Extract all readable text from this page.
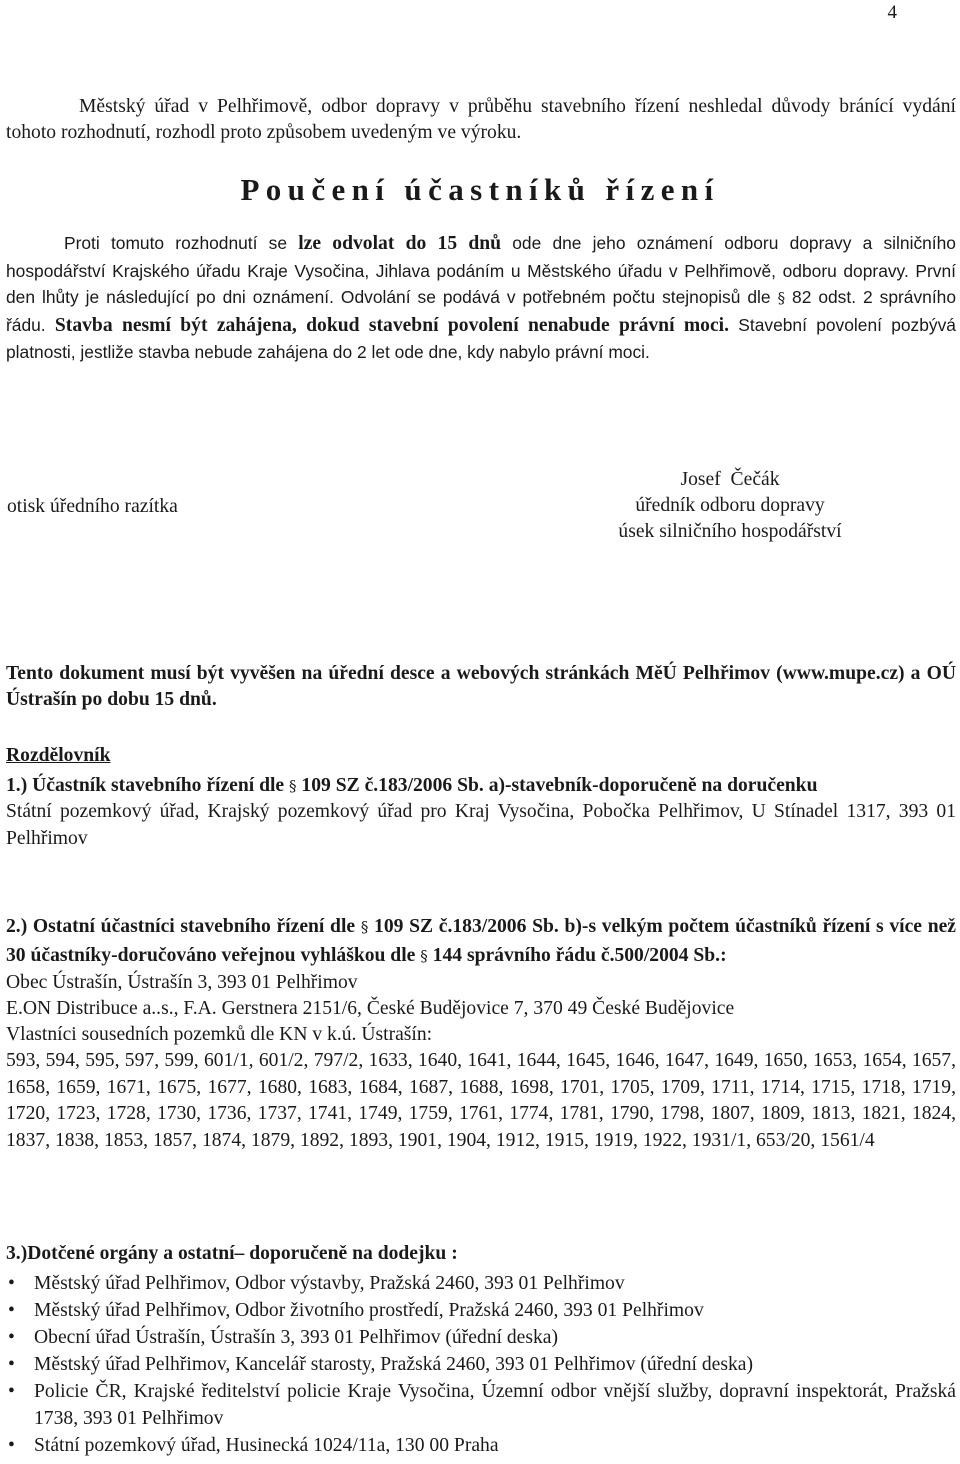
4
Městský úřad v Pelhřimově, odbor dopravy v průběhu stavebního řízení neshledal důvody bránící vydání tohoto rozhodnutí, rozhodl proto způsobem uvedeným ve výroku.
Poučení účastníků řízení
Proti tomuto rozhodnutí se lze odvolat do 15 dnů ode dne jeho oznámení odboru dopravy a silničního hospodářství Krajského úřadu Kraje Vysočina, Jihlava podáním u Městského úřadu v Pelhřimově, odboru dopravy. První den lhůty je následující po dni oznámení. Odvolání se podává v potřebném počtu stejnopisů dle § 82 odst. 2 správního řádu. Stavba nesmí být zahájena, dokud stavební povolení nenabude právní moci. Stavební povolení pozbývá platnosti, jestliže stavba nebude zahájena do 2 let ode dne, kdy nabylo právní moci.
otisk úředního razítka
Josef  Čečák
úředník odboru dopravy
úsek silničního hospodářství
Tento dokument musí být vyvěšen na úřední desce a webových stránkách MěÚ Pelhřimov (www.mupe.cz) a OÚ Ústrašín po dobu 15 dnů.
Rozdělovník
1.) Účastník stavebního řízení dle § 109 SZ č.183/2006 Sb. a)-stavebník-doporučeně na doručenku
Státní pozemkový úřad, Krajský pozemkový úřad pro Kraj Vysočina, Pobočka Pelhřimov, U Stínadel 1317, 393 01 Pelhřimov
2.) Ostatní účastníci stavebního řízení dle § 109 SZ č.183/2006 Sb. b)-s velkým počtem účastníků řízení s více než 30 účastníky-doručováno veřejnou vyhláškou dle § 144 správního řádu č.500/2004 Sb.:
Obec Ústrašín, Ústrašín 3, 393 01 Pelhřimov
E.ON Distribuce a..s., F.A. Gerstnera 2151/6, České Budějovice 7, 370 49 České Budějovice
Vlastníci sousedních pozemků dle KN v k.ú. Ústrašín:
593, 594, 595, 597, 599, 601/1, 601/2, 797/2, 1633, 1640, 1641, 1644, 1645, 1646, 1647, 1649, 1650, 1653, 1654, 1657, 1658, 1659, 1671, 1675, 1677, 1680, 1683, 1684, 1687, 1688, 1698, 1701, 1705, 1709, 1711, 1714, 1715, 1718, 1719, 1720, 1723, 1728, 1730, 1736, 1737, 1741, 1749, 1759, 1761, 1774, 1781, 1790, 1798, 1807, 1809, 1813, 1821, 1824, 1837, 1838, 1853, 1857, 1874, 1879, 1892, 1893, 1901, 1904, 1912, 1915, 1919, 1922, 1931/1, 653/20, 1561/4
3.)Dotčené orgány a ostatní– doporučeně na dodejku :
• Městský úřad Pelhřimov, Odbor výstavby, Pražská 2460, 393 01 Pelhřimov
• Městský úřad Pelhřimov, Odbor životního prostředí, Pražská 2460, 393 01 Pelhřimov
• Obecní úřad Ústrašín, Ústrašín 3, 393 01 Pelhřimov (úřední deska)
• Městský úřad Pelhřimov, Kancelář starosty, Pražská 2460, 393 01 Pelhřimov (úřední deska)
• Policie ČR, Krajské ředitelství policie Kraje Vysočina, Územní odbor vnější služby, dopravní inspektorát, Pražská 1738, 393 01 Pelhřimov
• Státní pozemkový úřad, Husinecká 1024/11a, 130 00 Praha
